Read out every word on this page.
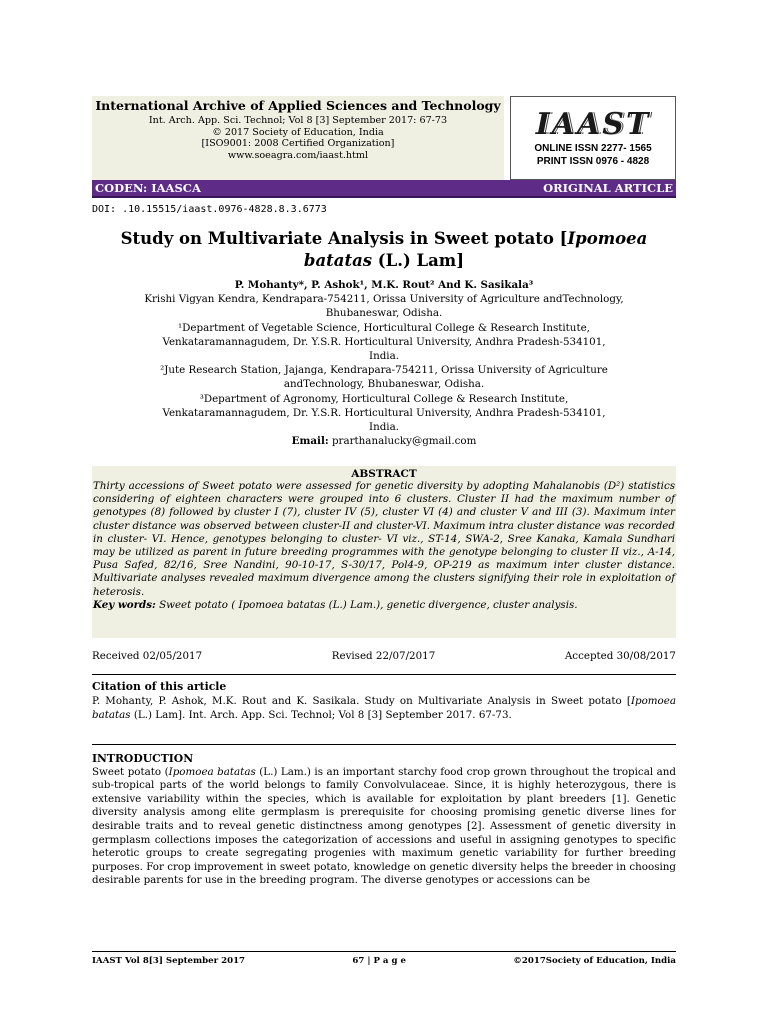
International Archive of Applied Sciences and Technology
Int. Arch. App. Sci. Technol; Vol 8 [3] September 2017: 67-73
© 2017 Society of Education, India
[ISO9001: 2008 Certified Organization]
www.soeagra.com/iaast.html
IAAST
ONLINE ISSN 2277- 1565
PRINT ISSN 0976 - 4828
CODEN: IAASCA	ORIGINAL ARTICLE
DOI: .10.15515/iaast.0976-4828.8.3.6773
Study on Multivariate Analysis in Sweet potato [Ipomoea
batatas (L.) Lam]
P. Mohanty*, P. Ashok¹, M.K. Rout² And K. Sasikala³
Krishi Vigyan Kendra, Kendrapara-754211, Orissa University of Agriculture andTechnology,
Bhubaneswar, Odisha.
¹Department of Vegetable Science, Horticultural College & Research Institute,
Venkataramannagudem, Dr. Y.S.R. Horticultural University, Andhra Pradesh-534101,
India.
²Jute Research Station, Jajanga, Kendrapara-754211, Orissa University of Agriculture
andTechnology, Bhubaneswar, Odisha.
³Department of Agronomy, Horticultural College & Research Institute,
Venkataramannagudem, Dr. Y.S.R. Horticultural University, Andhra Pradesh-534101,
India.
Email: prarthanalucky@gmail.com
ABSTRACT
Thirty accessions of Sweet potato were assessed for genetic diversity by adopting Mahalanobis (D²) statistics considering of eighteen characters were grouped into 6 clusters. Cluster II had the maximum number of genotypes (8) followed by cluster I (7), cluster IV (5), cluster VI (4) and cluster V and III (3). Maximum inter cluster distance was observed between cluster-II and cluster-VI. Maximum intra cluster distance was recorded in cluster- VI. Hence, genotypes belonging to cluster- VI viz., ST-14, SWA-2, Sree Kanaka, Kamala Sundhari may be utilized as parent in future breeding programmes with the genotype belonging to cluster II viz., A-14, Pusa Safed, 82/16, Sree Nandini, 90-10-17, S-30/17, Pol4-9, OP-219 as maximum inter cluster distance. Multivariate analyses revealed maximum divergence among the clusters signifying their role in exploitation of heterosis.
Key words: Sweet potato ( Ipomoea batatas (L.) Lam.), genetic divergence, cluster analysis.
Received 02/05/2017	Revised 22/07/2017	Accepted 30/08/2017
Citation of this article
P. Mohanty, P. Ashok, M.K. Rout and K. Sasikala. Study on Multivariate Analysis in Sweet potato [Ipomoea batatas (L.) Lam]. Int. Arch. App. Sci. Technol; Vol 8 [3] September 2017. 67-73.
INTRODUCTION
Sweet potato (Ipomoea batatas (L.) Lam.) is an important starchy food crop grown throughout the tropical and sub-tropical parts of the world belongs to family Convolvulaceae. Since, it is highly heterozygous, there is extensive variability within the species, which is available for exploitation by plant breeders [1]. Genetic diversity analysis among elite germplasm is prerequisite for choosing promising genetic diverse lines for desirable traits and to reveal genetic distinctness among genotypes [2]. Assessment of genetic diversity in germplasm collections imposes the categorization of accessions and useful in assigning genotypes to specific heterotic groups to create segregating progenies with maximum genetic variability for further breeding purposes. For crop improvement in sweet potato, knowledge on genetic diversity helps the breeder in choosing desirable parents for use in the breeding program. The diverse genotypes or accessions can be
IAAST Vol 8[3] September 2017	67 | P a g e	©2017Society of Education, India
